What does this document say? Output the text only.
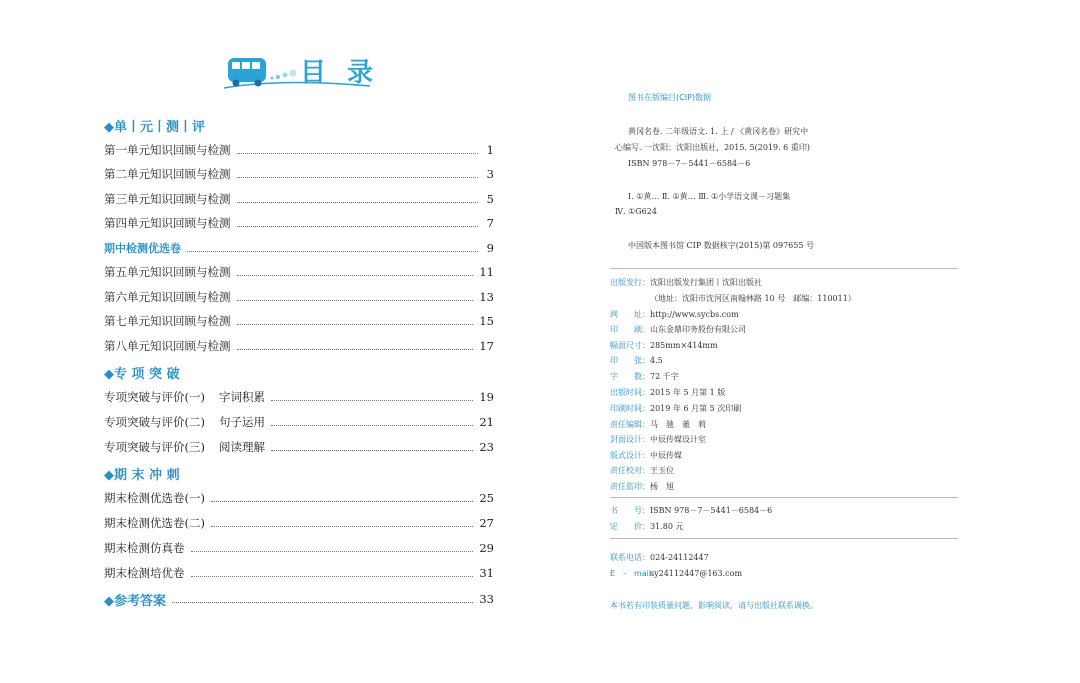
目 录
◆单丨元丨测丨评
第一单元知识回顾与检测	1
第二单元知识回顾与检测	3
第三单元知识回顾与检测	5
第四单元知识回顾与检测	7
期中检测优选卷	9
第五单元知识回顾与检测	11
第六单元知识回顾与检测	13
第七单元知识回顾与检测	15
第八单元知识回顾与检测	17
◆专 项 突 破
专项突破与评价(一) 字词积累	19
专项突破与评价(二) 句子运用	21
专项突破与评价(三) 阅读理解	23
◆期 末 冲 刺
期末检测优选卷(一)	25
期末检测优选卷(二)	27
期末检测仿真卷	29
期末检测培优卷	31
◆参考答案	33
图书在版编目(CIP)数据
黄冈名卷. 二年级语文. 1. 上 / 《黄冈名卷》研究中
心编写. 一沈阳：沈阳出版社，2015. 5(2019. 6 重印)
ISBN 978－7－5441－6584－6
Ⅰ. ①黄… Ⅱ. ①黄… Ⅲ. ①小学语文课－习题集
Ⅳ. ①G624
中国版本图书馆 CIP 数据核字(2015)第 097655 号
出版发行：沈阳出版发行集团丨沈阳出版社
（地址：沈阳市沈河区南翰林路 10 号　邮编：110011）
网　　址：http://www.sycbs.com
印　　刷：山东金鼎印务股份有限公司
幅面尺寸：285mm×414mm
印　　张：4.5
字　　数：72 千字
出版时间：2015 年 5 月第 1 版
印刷时间：2019 年 6 月第 5 次印刷
责任编辑：马　驰　董　莉
封面设计：中辰传媒设计室
版式设计：中辰传媒
责任校对：王玉位
责任监印：杨　旭
书　　号：ISBN 978－7－5441－6584－6
定　　价：31.80 元
联系电话：024-24112447
E　-　mail：sy24112447@163.com
本书若有印装质量问题，影响阅读，请与出版社联系调换。
